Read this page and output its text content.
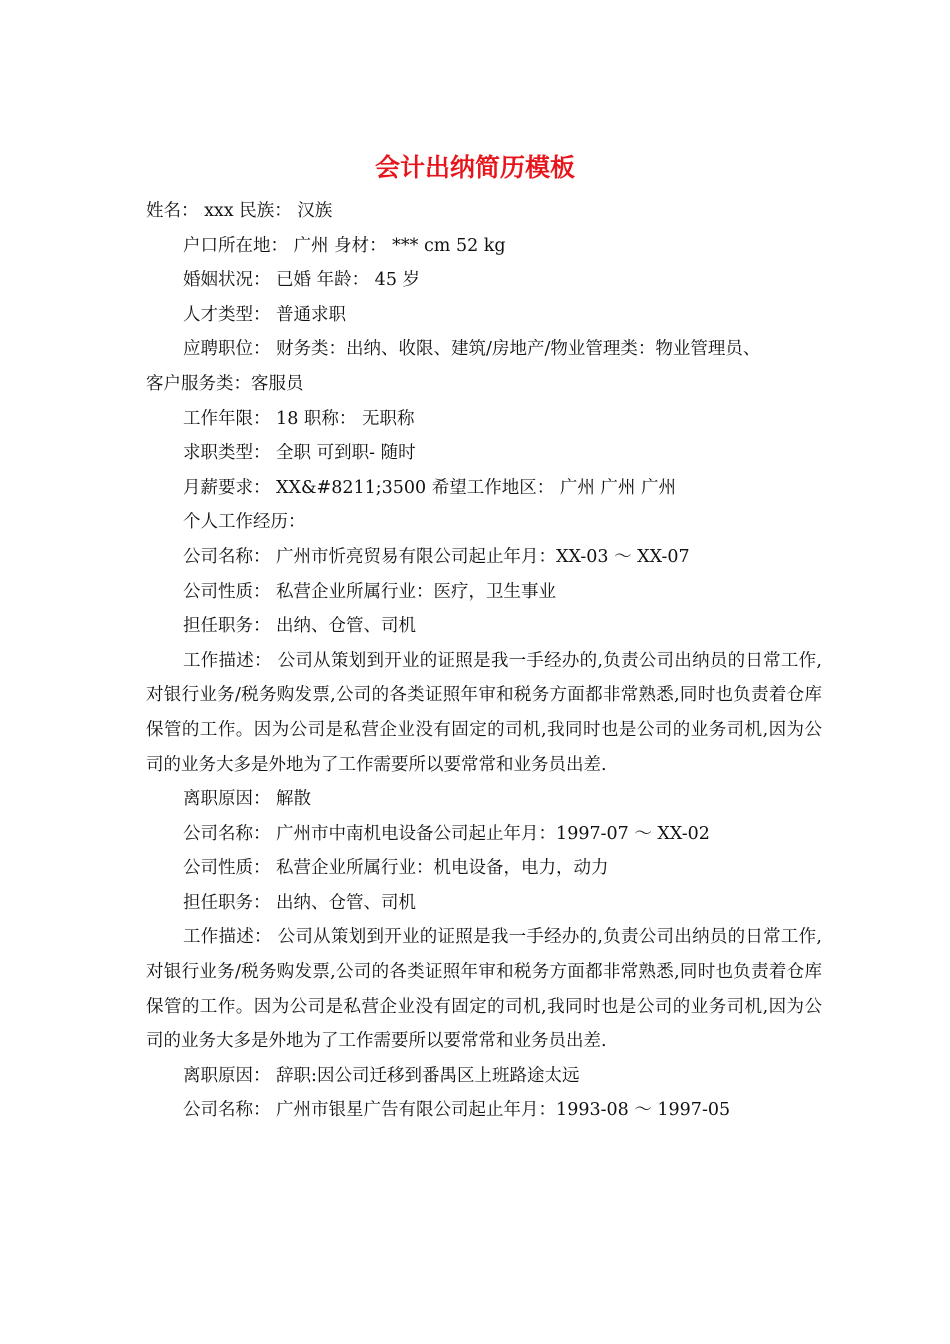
会计出纳简历模板
姓名： xxx 民族： 汉族
户口所在地： 广州 身材： *** cm 52 kg
婚姻状况： 已婚 年龄： 45 岁
人才类型： 普通求职
应聘职位： 财务类：出纳、收限、建筑/房地产/物业管理类：物业管理员、
客户服务类：客服员
工作年限： 18 职称： 无职称
求职类型： 全职 可到职- 随时
月薪要求： XX&#8211;3500 希望工作地区： 广州 广州 广州
个人工作经历：
公司名称： 广州市忻亮贸易有限公司起止年月：XX-03 ～ XX-07
公司性质： 私营企业所属行业：医疗，卫生事业
担任职务： 出纳、仓管、司机
工作描述： 公司从策划到开业的证照是我一手经办的,负责公司出纳员的日常工作,对银行业务/税务购发票,公司的各类证照年审和税务方面都非常熟悉,同时也负责着仓库保管的工作。因为公司是私营企业没有固定的司机,我同时也是公司的业务司机,因为公司的业务大多是外地为了工作需要所以要常常和业务员出差.
离职原因： 解散
公司名称： 广州市中南机电设备公司起止年月：1997-07 ～ XX-02
公司性质： 私营企业所属行业：机电设备，电力，动力
担任职务： 出纳、仓管、司机
工作描述： 公司从策划到开业的证照是我一手经办的,负责公司出纳员的日常工作,对银行业务/税务购发票,公司的各类证照年审和税务方面都非常熟悉,同时也负责着仓库保管的工作。因为公司是私营企业没有固定的司机,我同时也是公司的业务司机,因为公司的业务大多是外地为了工作需要所以要常常和业务员出差.
离职原因： 辞职:因公司迁移到番禺区上班路途太远
公司名称： 广州市银星广告有限公司起止年月：1993-08 ～ 1997-05
